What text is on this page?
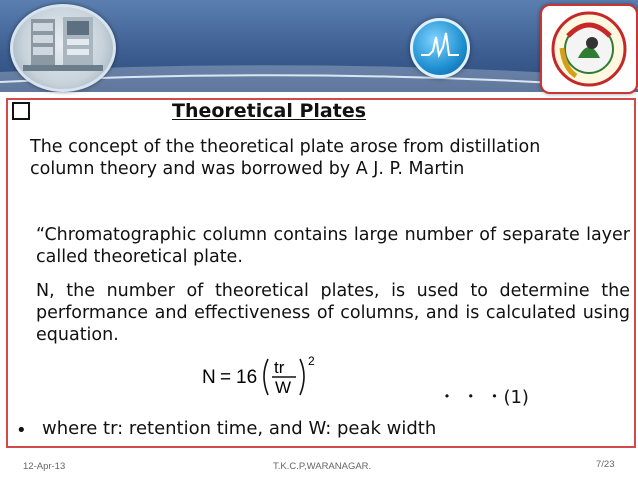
Theoretical Plates
The concept of the theoretical plate arose from distillation column theory and was borrowed by A J. P. Martin
“Chromatographic column contains large number of separate layer called theoretical plate.
N, the number of theoretical plates, is used to determine the performance and effectiveness of columns, and is calculated using equation.
N = 16 tr
W
2
・ ・ ・(1)
• where tr: retention time, and W: peak width
12-Apr-13	T.K.C.P,WARANAGAR.	7/23
